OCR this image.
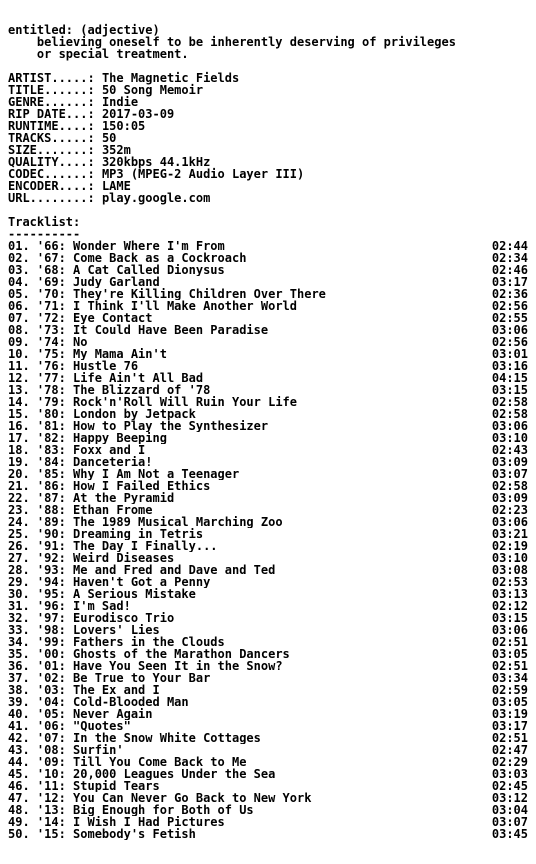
entitled: (adjective)
believing oneself to be inherently deserving of privileges
or special treatment.
ARTIST.....: The Magnetic Fields
TITLE......: 50 Song Memoir
GENRE......: Indie
RIP DATE...: 2017-03-09
RUNTIME....: 150:05
TRACKS.....: 50
SIZE.......: 352m
QUALITY....: 320kbps 44.1kHz
CODEC......: MP3 (MPEG-2 Audio Layer III)
ENCODER....: LAME
URL........: play.google.com
Tracklist:
----------
01. '66: Wonder Where I'm From	02:44
02. '67: Come Back as a Cockroach	02:34
03. '68: A Cat Called Dionysus	02:46
04. '69: Judy Garland	03:17
05. '70: They're Killing Children Over There	02:36
06. '71: I Think I'll Make Another World	02:56
07. '72: Eye Contact	02:55
08. '73: It Could Have Been Paradise	03:06
09. '74: No	02:56
10. '75: My Mama Ain't	03:01
11. '76: Hustle 76	03:16
12. '77: Life Ain't All Bad	04:15
13. '78: The Blizzard of '78	03:15
14. '79: Rock'n'Roll Will Ruin Your Life	02:58
15. '80: London by Jetpack	02:58
16. '81: How to Play the Synthesizer	03:06
17. '82: Happy Beeping	03:10
18. '83: Foxx and I	02:43
19. '84: Danceteria!	03:09
20. '85: Why I Am Not a Teenager	03:07
21. '86: How I Failed Ethics	02:58
22. '87: At the Pyramid	03:09
23. '88: Ethan Frome	02:23
24. '89: The 1989 Musical Marching Zoo	03:06
25. '90: Dreaming in Tetris	03:21
26. '91: The Day I Finally...	02:19
27. '92: Weird Diseases	03:10
28. '93: Me and Fred and Dave and Ted	03:08
29. '94: Haven't Got a Penny	02:53
30. '95: A Serious Mistake	03:13
31. '96: I'm Sad!	02:12
32. '97: Eurodisco Trio	03:15
33. '98: Lovers' Lies	03:06
34. '99: Fathers in the Clouds	02:51
35. '00: Ghosts of the Marathon Dancers	03:05
36. '01: Have You Seen It in the Snow?	02:51
37. '02: Be True to Your Bar	03:34
38. '03: The Ex and I	02:59
39. '04: Cold-Blooded Man	03:05
40. '05: Never Again	03:19
41. '06: "Quotes"	03:17
42. '07: In the Snow White Cottages	02:51
43. '08: Surfin'	02:47
44. '09: Till You Come Back to Me	02:29
45. '10: 20,000 Leagues Under the Sea	03:03
46. '11: Stupid Tears	02:45
47. '12: You Can Never Go Back to New York	03:12
48. '13: Big Enough for Both of Us	03:04
49. '14: I Wish I Had Pictures	03:07
50. '15: Somebody's Fetish	03:45
